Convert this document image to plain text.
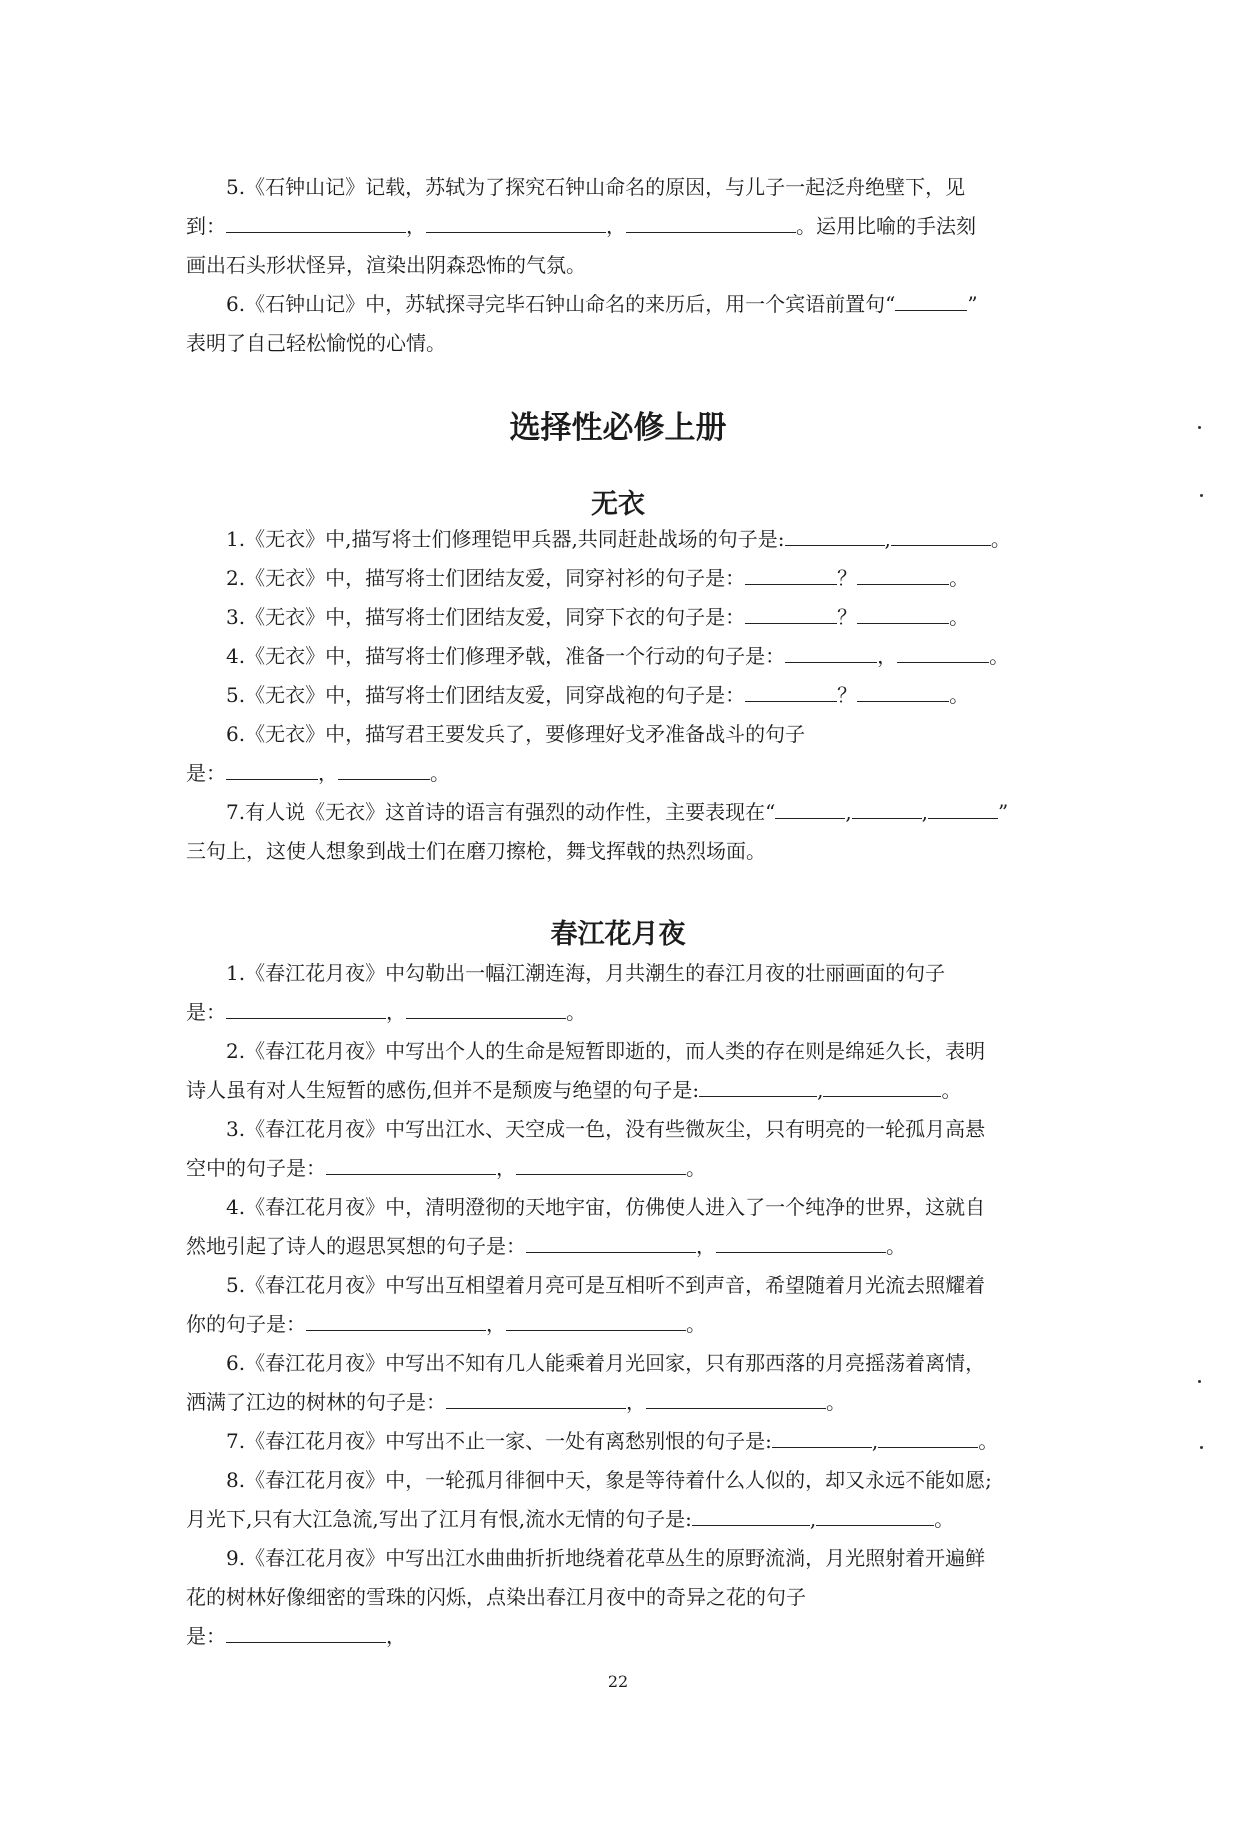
5.《石钟山记》记载，苏轼为了探究石钟山命名的原因，与儿子一起泛舟绝壁下，见

到：	，	，	。运用比喻的手法刻

画出石头形状怪异，渲染出阴森恐怖的气氛。

6.《石钟山记》中，苏轼探寻完毕石钟山命名的来历后，用一个宾语前置句“	”

表明了自己轻松愉悦的心情。

选择性必修上册
无衣

1.《无衣》中,描写将士们修理铠甲兵器,共同赶赴战场的句子是:	,	。

2.《无衣》中，描写将士们团结友爱，同穿衬衫的句子是：	？	。

3.《无衣》中，描写将士们团结友爱，同穿下衣的句子是：	？	。

4.《无衣》中，描写将士们修理矛戟，准备一个行动的句子是：	，	。

5.《无衣》中，描写将士们团结友爱，同穿战袍的句子是：	？	。

6.《无衣》中，描写君王要发兵了，要修理好戈矛准备战斗的句子

是：	，	。

7.有人说《无衣》这首诗的语言有强烈的动作性，主要表现在“	,	,	”

三句上，这使人想象到战士们在磨刀擦枪，舞戈挥戟的热烈场面。

春江花月夜

1.《春江花月夜》中勾勒出一幅江潮连海，月共潮生的春江月夜的壮丽画面的句子

是：	，	。

2.《春江花月夜》中写出个人的生命是短暂即逝的，而人类的存在则是绵延久长，表明

诗人虽有对人生短暂的感伤,但并不是颓废与绝望的句子是:	,	。

3.《春江花月夜》中写出江水、天空成一色，没有些微灰尘，只有明亮的一轮孤月高悬

空中的句子是：	，	。

4.《春江花月夜》中，清明澄彻的天地宇宙，仿佛使人进入了一个纯净的世界，这就自

然地引起了诗人的遐思冥想的句子是：	，	。

5.《春江花月夜》中写出互相望着月亮可是互相听不到声音，希望随着月光流去照耀着

你的句子是：	，	。

6.《春江花月夜》中写出不知有几人能乘着月光回家，只有那西落的月亮摇荡着离情，

洒满了江边的树林的句子是：	，	。

7.《春江花月夜》中写出不止一家、一处有离愁别恨的句子是:	,	。

8.《春江花月夜》中，一轮孤月徘徊中天，象是等待着什么人似的，却又永远不能如愿;

月光下,只有大江急流,写出了江月有恨,流水无情的句子是:	,	。

9.《春江花月夜》中写出江水曲曲折折地绕着花草丛生的原野流淌，月光照射着开遍鲜

花的树林好像细密的雪珠的闪烁，点染出春江月夜中的奇异之花的句子

是：	，

22
